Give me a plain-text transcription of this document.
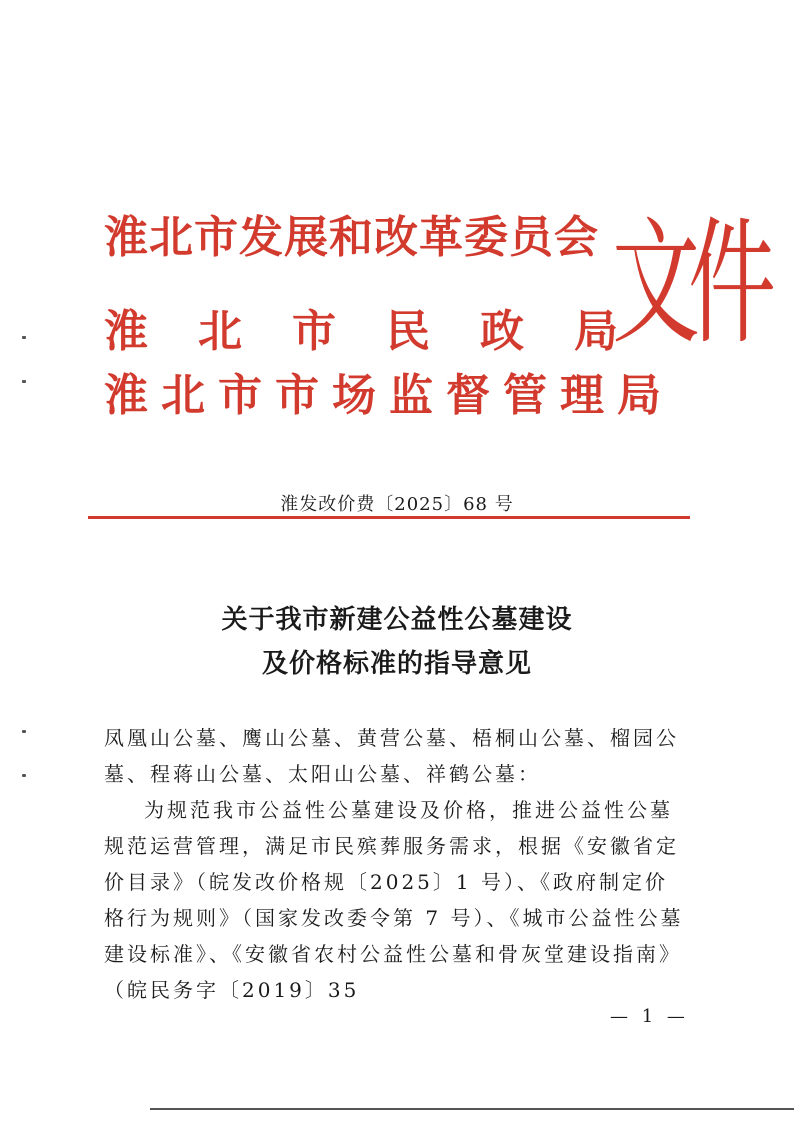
淮北市发展和改革委员会
淮北市民政局
淮北市市场监督管理局
文件
淮发改价费〔2025〕68 号
关于我市新建公益性公墓建设
及价格标准的指导意见
凤凰山公墓、鹰山公墓、黄营公墓、梧桐山公墓、榴园公墓、程蒋山公墓、太阳山公墓、祥鹤公墓：
为规范我市公益性公墓建设及价格，推进公益性公墓规范运营管理，满足市民殡葬服务需求，根据《安徽省定价目录》（皖发改价格规〔2025〕1 号）、《政府制定价格行为规则》（国家发改委令第 7 号）、《城市公益性公墓建设标准》、《安徽省农村公益性公墓和骨灰堂建设指南》（皖民务字〔2019〕35
— 1 —
